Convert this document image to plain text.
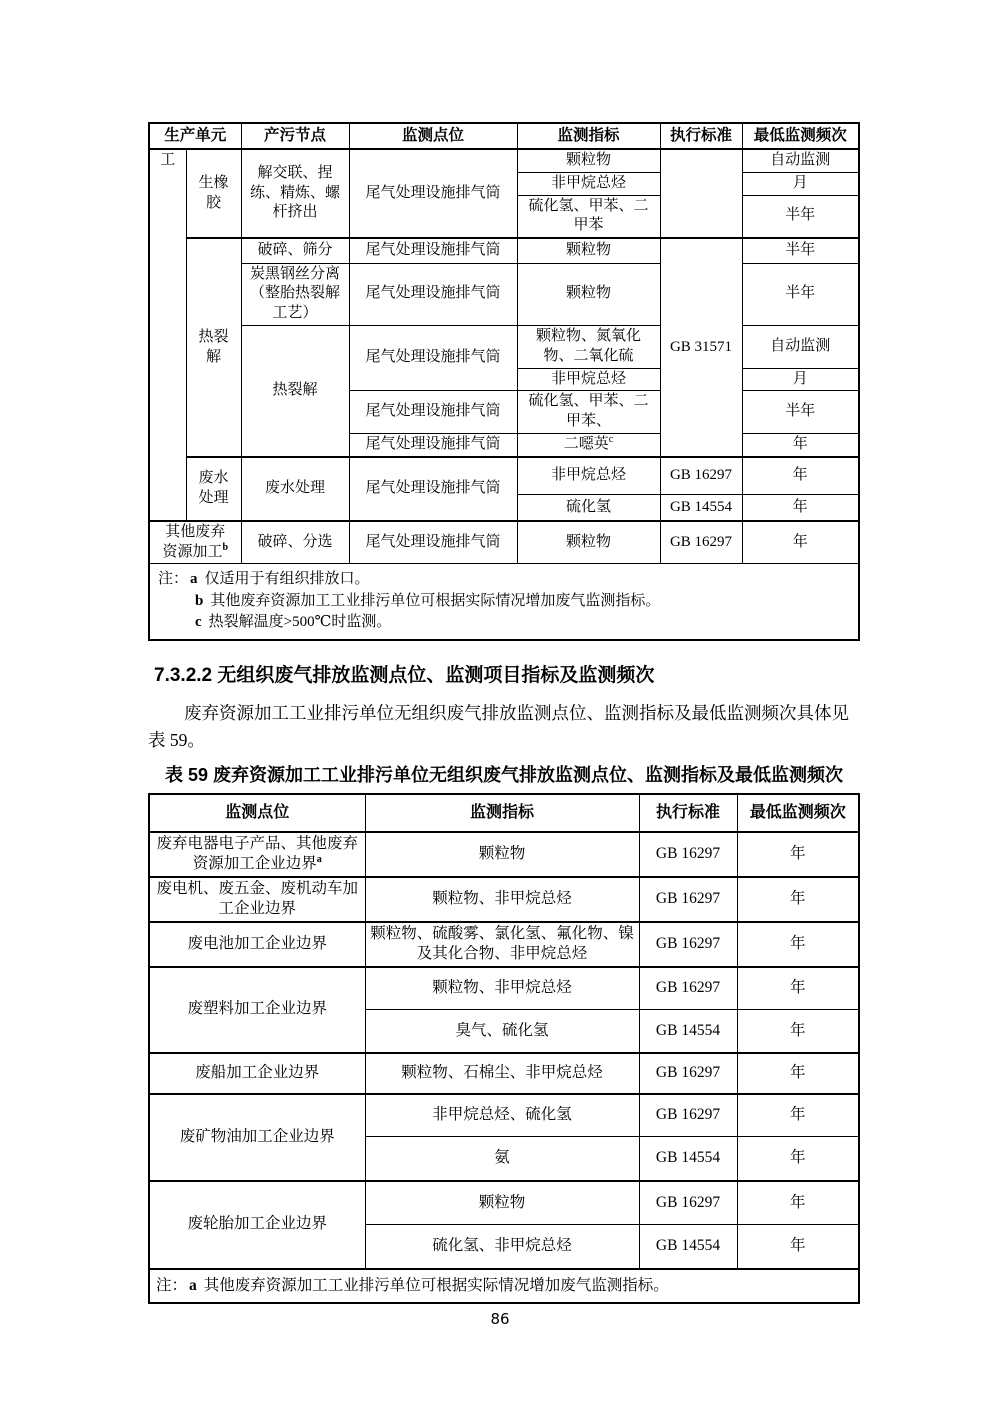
生产单元		产污节点	监测点位	监测指标	执行标准	最低监测频次
工	生橡胶	解交联、捏练、精炼、螺杆挤出	尾气处理设施排气筒	颗粒物		自动监测
				非甲烷总烃		月
				硫化氢、甲苯、二甲苯		半年
	热裂解	破碎、筛分	尾气处理设施排气筒	颗粒物	GB 31571	半年
		炭黑钢丝分离（整胎热裂解工艺）	尾气处理设施排气筒	颗粒物		半年
		热裂解	尾气处理设施排气筒	颗粒物、氮氧化物、二氧化硫		自动监测
				非甲烷总烃		月
			尾气处理设施排气筒	硫化氢、甲苯、二甲苯、		半年
			尾气处理设施排气筒	二噁英$^c$		年
	废水处理	废水处理	尾气处理设施排气筒	非甲烷总烃	GB 16297	年
				硫化氢	GB 14554	年
其他废弃 资源加工$^b$		破碎、分选	尾气处理设施排气筒	颗粒物	GB 16297	年

注： a 仅适用于有组织排放口。
b 其他废弃资源加工工业排污单位可根据实际情况增加废气监测指标。
c 热裂解温度>500℃时监测。						
7.3.2.2 无组织废气排放监测点位、监测项目指标及监测频次

废弃资源加工工业排污单位无组织废气排放监测点位、监测指标及最低监测频次具体见表 59。

表 59 废弃资源加工工业排污单位无组织废气排放监测点位、监测指标及最低监测频次
监测点位	监测指标	执行标准	最低监测频次
废弃电器电子产品、其他废弃资源加工企业边界$^a$	颗粒物	GB 16297	年
废电机、废五金、废机动车加工企业边界	颗粒物、非甲烷总烃	GB 16297	年
废电池加工企业边界	颗粒物、硫酸雾、氯化氢、氟化物、镍及其化合物、非甲烷总烃	GB 16297	年
废塑料加工企业边界	颗粒物、非甲烷总烃	GB 16297	年
	臭气、硫化氢	GB 14554	年
废船加工企业边界	颗粒物、石棉尘、非甲烷总烃	GB 16297	年
废矿物油加工企业边界	非甲烷总烃、硫化氢	GB 16297	年
	氨	GB 14554	年
废轮胎加工企业边界	颗粒物	GB 16297	年
	硫化氢、非甲烷总烃	GB 14554	年

注： a 其他废弃资源加工工业排污单位可根据实际情况增加废气监测指标。			
86
